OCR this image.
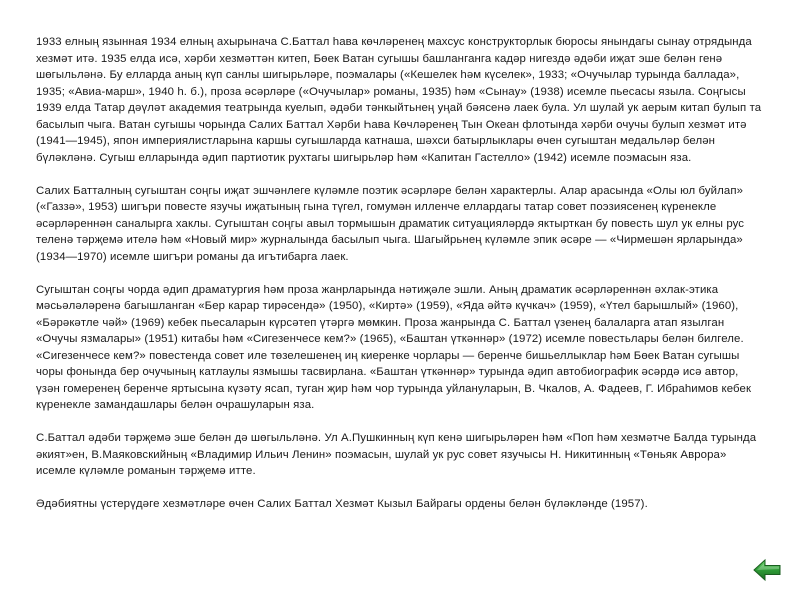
1933 елның язынная 1934 елның ахырынача С.Баттал һава көчләренең махсус конструкторлык бюросы янындагы сынау отрядында хезмәт итә. 1935 елда исә, хәрби хезмәттән китеп, Бөек Ватан сугышы башланганга кадәр нигездә әдәби иҗат эше белән генә шөгыльләнә. Бу елларда аның күп санлы шигырьләре, поэмалары («Кешелек һәм күселек», 1933; «Очучылар турында баллада», 1935; «Авиа-марш», 1940 h. б.), проза әсәрләре («Очучылар» романы, 1935) һәм «Сынау» (1938) исемле пьесасы языла. Соңгысы 1939 елда Татар дәүләт академия театрында куелып, әдәби тәнкыйтьнең уңай бәясенә лаек була. Ул шулай ук аерым китап булып та басылып чыга. Ватан сугышы чорында Салих Баттал Хәрби Һава Көчләренең Тын Океан флотында хәрби очучы булып хезмәт итә (1941—1945), япон империялистларына каршы сугышларда катнаша, шәхси батырлыклары өчен сугыштан медальләр белән бүләкләнә. Сугыш елларында әдип партиотик рухтагы шигырьләр һәм «Капитан Гастелло» (1942) исемле поэмасын яза.

Салих Батталның сугыштан соңгы иҗат эшчәнлеге күләмле поэтик әсәрләре белән характерлы. Алар арасында «Олы юл буйлап» («Газзә», 1953) шигъри повесте язучы иҗатының гына түгел, гомумән илленче еллардагы татар совет поэзиясенең күренекле әсәрләреннән саналырга хаклы. Сугыштан соңгы авыл тормышын драматик ситуацияләрдә яктырткан бу повесть шул ук елны рус теленә тәрҗемә ителә һәм «Новый мир» журналында басылып чыга. Шагыйрьнең күләмле эпик әсәре — «Чирмешән ярларында» (1934—1970) исемле шигъри романы да игътибарга лаек.

Сугыштан соңгы чорда әдип драматургия һәм проза жанрларында нәтиҗәле эшли. Аның драматик әсәрләреннән әхлак-этика мәсьәләләренә багышланган «Бер карар тирәсендә» (1950), «Киртә» (1959), «Яда әйтә күчкач» (1959), «Үтел барышлый» (1960), «Бәрәкәтле чәй» (1969) кебек пьесаларын күрсәтеп үтәргә мөмкин. Проза жанрында С. Баттал үзенең балаларга атап язылган «Очучы язмалары» (1951) китабы һәм «Сигезенчесе кем?» (1965), «Баштан үткәннәр» (1972) исемле повестьлары белән билгеле. «Сигезенчесе кем?» повестенда совет иле төзелешенең иң киеренке чорлары — беренче бишьеллыклар һәм Бөек Ватан сугышы чоры фонында бер очучының катлаулы язмышы тасвирлана. «Баштан үткәннәр» турында әдип автобиографик әсәрдә исә автор, үзән гомеренең беренче яртысына күзәту ясап, туган җир һәм чор турында уйлануларын, В. Чкалов, А. Фадеев, Г. Ибраһимов кебек күренекле замандашлары белән очрашуларын яза.

С.Баттал әдәби тәрҗемә эше белән дә шөгыльләнә. Ул А.Пушкинның күп кенә шигырьләрен һәм «Поп һәм хезмәтче Балда турында әкият»ен, В.Маяковскийның «Владимир Ильич Ленин» поэмасын, шулай ук рус совет язучысы Н. Никитинның «Төньяк Аврора» исемле күләмле романын тәрҗемә итте.

Әдәбиятны үстерүдәге хезмәтләре өчен Салих Баттал Хезмәт Кызыл Байрагы ордены белән бүләкләнде (1957).
